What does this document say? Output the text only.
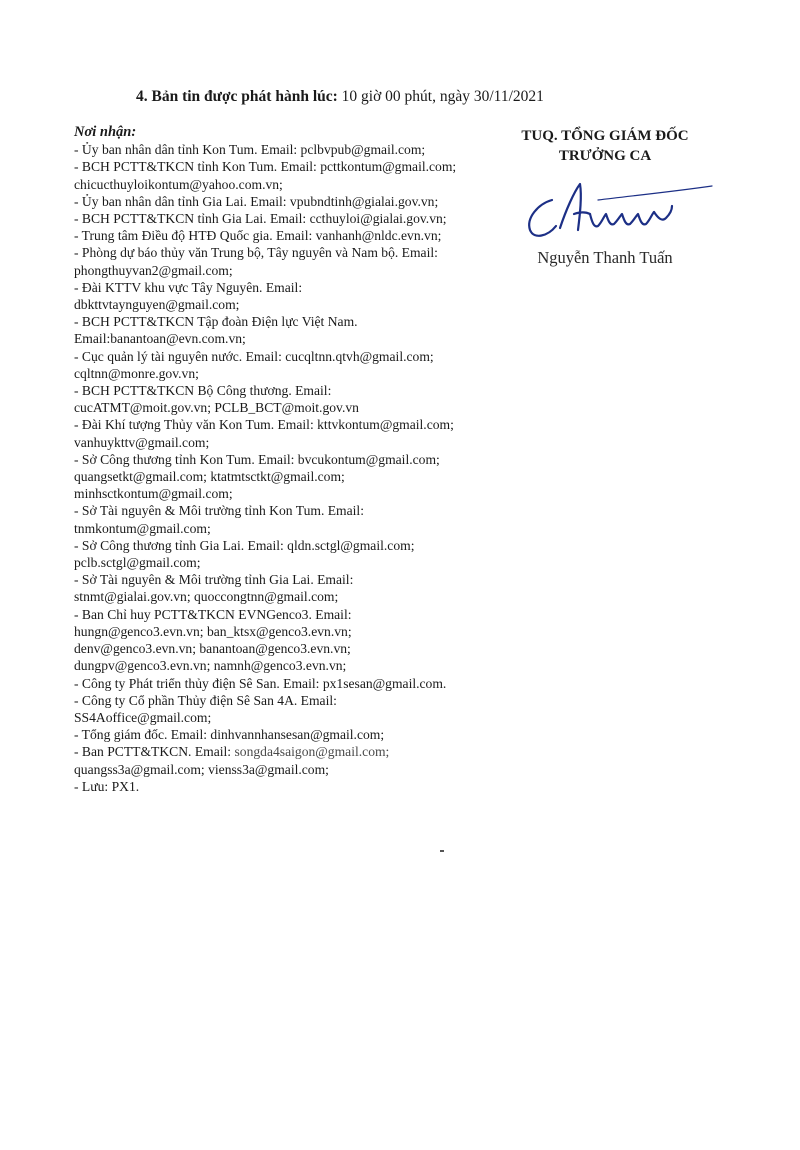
4. Bản tin được phát hành lúc: 10 giờ 00 phút, ngày 30/11/2021
Nơi nhận:
- Ủy ban nhân dân tỉnh Kon Tum. Email: pclbvpub@gmail.com;
- BCH PCTT&TKCN tỉnh Kon Tum. Email: pcttkontum@gmail.com;
chicucthuyloikontum@yahoo.com.vn;
- Ủy ban nhân dân tỉnh Gia Lai. Email: vpubndtinh@gialai.gov.vn;
- BCH PCTT&TKCN tỉnh Gia Lai. Email: ccthuyloi@gialai.gov.vn;
- Trung tâm Điều độ HTĐ Quốc gia. Email: vanhanh@nldc.evn.vn;
- Phòng dự báo thủy văn Trung bộ, Tây nguyên và Nam bộ. Email:
phongthuyvan2@gmail.com;
- Đài KTTV khu vực Tây Nguyên. Email:
dbkttvtaynguyen@gmail.com;
- BCH PCTT&TKCN Tập đoàn Điện lực Việt Nam.
Email:banantoan@evn.com.vn;
- Cục quản lý tài nguyên nước. Email: cucqltnn.qtvh@gmail.com;
cqltnn@monre.gov.vn;
- BCH PCTT&TKCN Bộ Công thương. Email:
cucATMT@moit.gov.vn; PCLB_BCT@moit.gov.vn
- Đài Khí tượng Thủy văn Kon Tum. Email: kttvkontum@gmail.com;
vanhuykttv@gmail.com;
- Sở Công thương tỉnh Kon Tum. Email: bvcukontum@gmail.com;
quangsetkt@gmail.com; ktatmtsctkt@gmail.com;
minhsctkontum@gmail.com;
- Sở Tài nguyên & Môi trường tỉnh Kon Tum. Email:
tnmkontum@gmail.com;
- Sở Công thương tỉnh Gia Lai. Email: qldn.sctgl@gmail.com;
pclb.sctgl@gmail.com;
- Sở Tài nguyên & Môi trường tỉnh Gia Lai. Email:
stnmt@gialai.gov.vn; quoccongtnn@gmail.com;
- Ban Chỉ huy PCTT&TKCN EVNGenco3. Email:
hungn@genco3.evn.vn; ban_ktsx@genco3.evn.vn;
denv@genco3.evn.vn; banantoan@genco3.evn.vn;
dungpv@genco3.evn.vn; namnh@genco3.evn.vn;
- Công ty Phát triển thủy điện Sê San. Email: px1sesan@gmail.com.
- Công ty Cổ phần Thủy điện Sê San 4A. Email:
SS4Aoffice@gmail.com;
- Tổng giám đốc. Email: dinhvannhansesan@gmail.com;
- Ban PCTT&TKCN. Email: songda4saigon@gmail.com;
quangss3a@gmail.com; vienss3a@gmail.com;
- Lưu: PX1.
TUQ. TỔNG GIÁM ĐỐC
TRƯỞNG CA
Nguyễn Thanh Tuấn
